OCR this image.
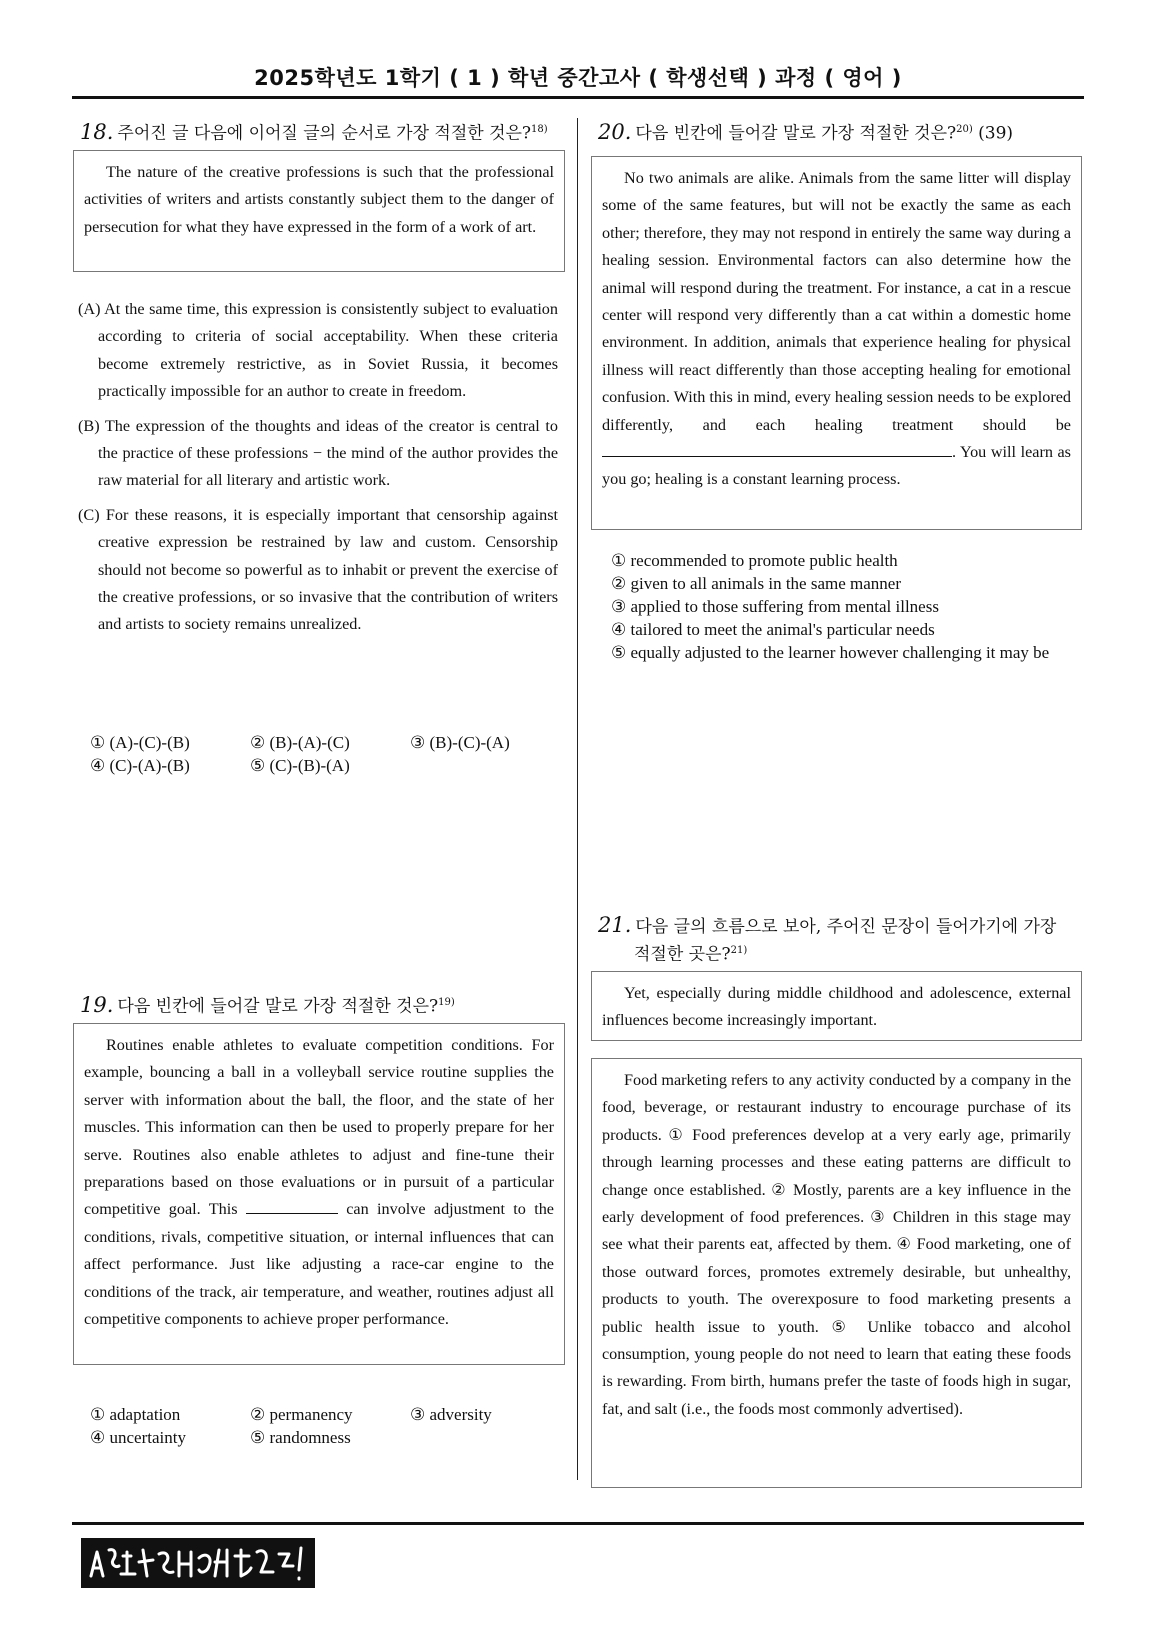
2025학년도 1학기 ( 1 ) 학년 중간고사 ( 학생선택 ) 과정 ( 영어 )
18. 주어진 글 다음에 이어질 글의 순서로 가장 적절한 것은?$^{18)}$

The nature of the creative professions is such that the professional activities of writers and artists constantly subject them to the danger of persecution for what they have expressed in the form of a work of art.

(A) At the same time, this expression is consistently subject to evaluation according to criteria of social acceptability. When these criteria become extremely restrictive, as in Soviet Russia, it becomes practically impossible for an author to create in freedom.
(B) The expression of the thoughts and ideas of the creator is central to the practice of these professions − the mind of the author provides the raw material for all literary and artistic work.
(C) For these reasons, it is especially important that censorship against creative expression be restrained by law and custom. Censorship should not become so powerful as to inhabit or prevent the exercise of the creative professions, or so invasive that the contribution of writers and artists to society remains unrealized.
① (A)-(C)-(B)	② (B)-(A)-(C)	③ (B)-(C)-(A)
④ (C)-(A)-(B)	⑤ (C)-(B)-(A)
19. 다음 빈칸에 들어갈 말로 가장 적절한 것은?$^{19)}$

Routines enable athletes to evaluate competition conditions. For example, bouncing a ball in a volleyball service routine supplies the server with information about the ball, the floor, and the state of her muscles. This information can then be used to properly prepare for her serve. Routines also enable athletes to adjust and fine-tune their preparations based on those evaluations or in pursuit of a particular competitive goal. This	can involve adjustment to the conditions, rivals, competitive situation, or internal influences that can affect performance. Just like adjusting a race-car engine to the conditions of the track, air temperature, and weather, routines adjust all competitive components to achieve proper performance.

① adaptation	② permanency	③ adversity
④ uncertainty	⑤ randomness
20. 다음 빈칸에 들어갈 말로 가장 적절한 것은?$^{20)}$ (39)

No two animals are alike. Animals from the same litter will display some of the same features, but will not be exactly the same as each other; therefore, they may not respond in entirely the same way during a healing session. Environmental factors can also determine how the animal will respond during the treatment. For instance, a cat in a rescue center will respond very differently than a cat within a domestic home environment. In addition, animals that experience healing for physical illness will react differently than those accepting healing for emotional confusion. With this in mind, every healing session needs to be explored differently, and each healing treatment should be . You will learn as you go; healing is a constant learning process.

① recommended to promote public health
② given to all animals in the same manner
③ applied to those suffering from mental illness
④ tailored to meet the animal's particular needs
⑤ equally adjusted to the learner however challenging it may be
21. 다음 글의 흐름으로 보아, 주어진 문장이 들어가기에 가장
적절한 곳은?$^{21)}$

Yet, especially during middle childhood and adolescence, external influences become increasingly important.

Food marketing refers to any activity conducted by a company in the food, beverage, or restaurant industry to encourage purchase of its products. ① Food preferences develop at a very early age, primarily through learning processes and these eating patterns are difficult to change once established. ② Mostly, parents are a key influence in the early development of food preferences. ③ Children in this stage may see what their parents eat, affected by them. ④ Food marketing, one of those outward forces, promotes extremely desirable, but unhealthy, products to youth. The overexposure to food marketing presents a public health issue to youth. ⑤ Unlike tobacco and alcohol consumption, young people do not need to learn that eating these foods is rewarding. From birth, humans prefer the taste of foods high in sugar, fat, and salt (i.e., the foods most commonly advertised).
